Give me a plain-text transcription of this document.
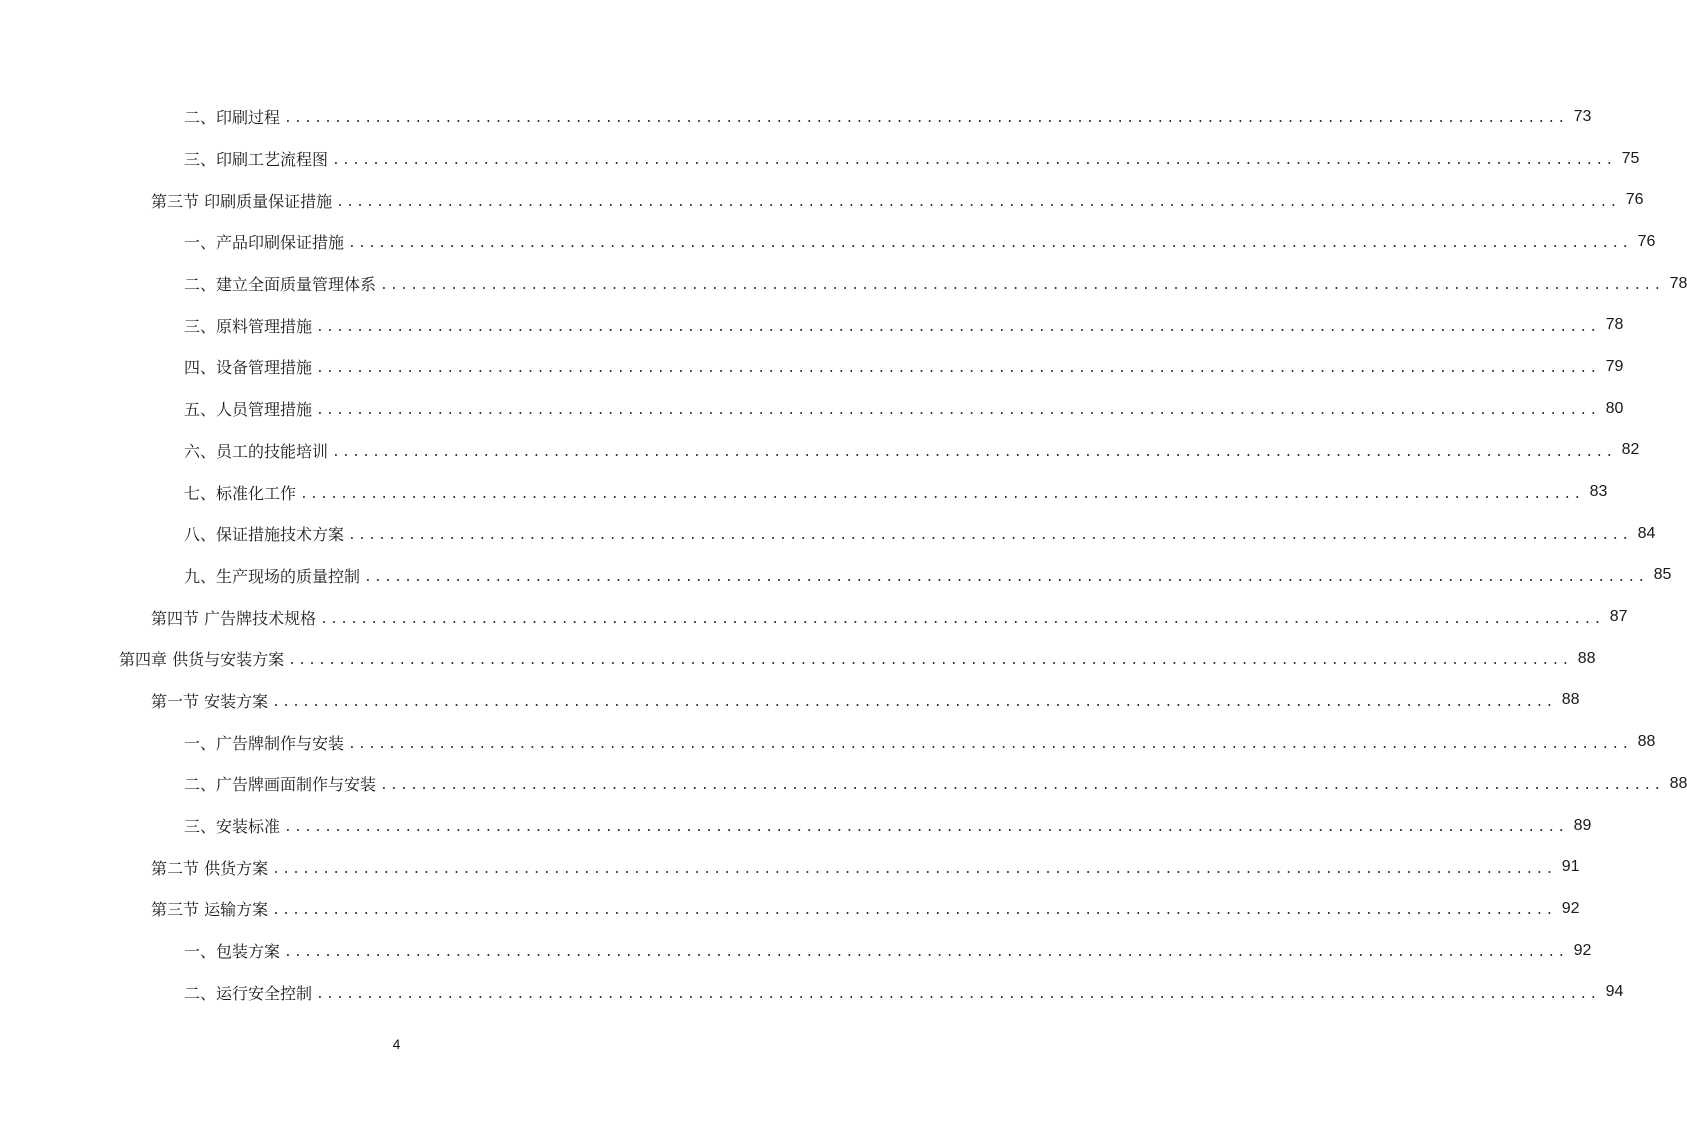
二、印刷过程 ................................................................................................................................ 73
三、印刷工艺流程图 ................................................................................................................................ 75
第三节 印刷质量保证措施 ................................................................................................................................ 76
一、产品印刷保证措施 ................................................................................................................................ 76
二、建立全面质量管理体系 ................................................................................................................................ 78
三、原料管理措施 ................................................................................................................................ 78
四、设备管理措施 ................................................................................................................................ 79
五、人员管理措施 ................................................................................................................................ 80
六、员工的技能培训 ................................................................................................................................ 82
七、标准化工作 ................................................................................................................................ 83
八、保证措施技术方案 ................................................................................................................................ 84
九、生产现场的质量控制 ................................................................................................................................ 85
第四节 广告牌技术规格 ................................................................................................................................ 87
第四章 供货与安装方案 ................................................................................................................................ 88
第一节 安装方案 ................................................................................................................................ 88
一、广告牌制作与安装 ................................................................................................................................ 88
二、广告牌画面制作与安装 ................................................................................................................................ 88
三、安装标准 ................................................................................................................................ 89
第二节 供货方案 ................................................................................................................................ 91
第三节 运输方案 ................................................................................................................................ 92
一、包装方案 ................................................................................................................................ 92
二、运行安全控制 ................................................................................................................................ 94
4
